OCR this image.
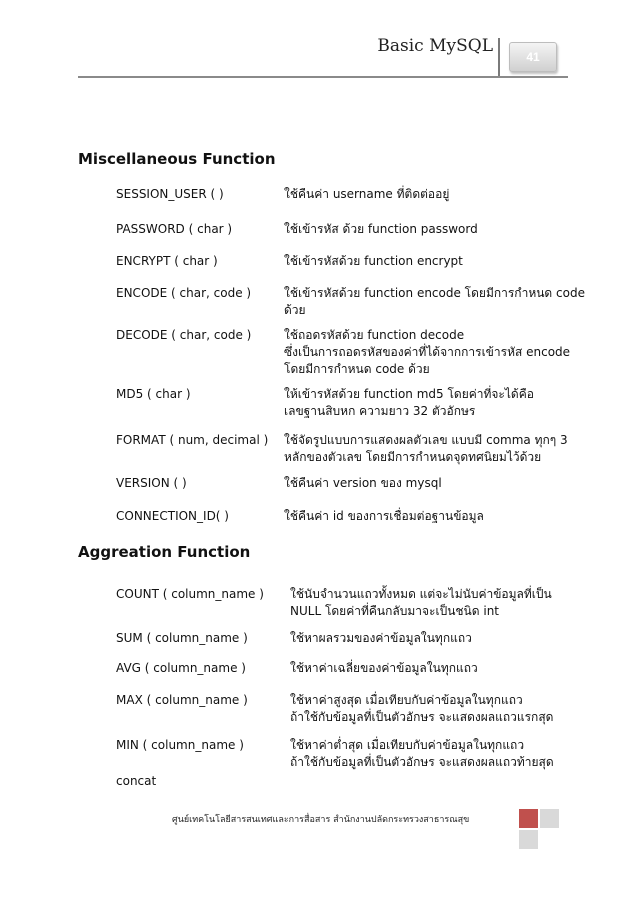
Basic MySQL
41
Miscellaneous Function
SESSION_USER ( )	ใช้คืนค่า username ที่ติดต่ออยู่
PASSWORD ( char )	ใช้เข้ารหัส ด้วย function password
ENCRYPT ( char )	ใช้เข้ารหัสด้วย function encrypt
ENCODE ( char, code )	ใช้เข้ารหัสด้วย function encode โดยมีการกำหนด code
ด้วย
DECODE ( char, code )	ใช้ถอดรหัสด้วย function decode
ซึ่งเป็นการถอดรหัสของค่าที่ได้จากการเข้ารหัส encode
โดยมีการกำหนด code ด้วย
MD5 ( char )	ให้เข้ารหัสด้วย function md5 โดยค่าที่จะได้คือ
เลขฐานสิบหก ความยาว 32 ตัวอักษร
FORMAT ( num, decimal ) ใช้จัดรูปแบบการแสดงผลตัวเลข แบบมี comma ทุกๆ 3
หลักของตัวเลข โดยมีการกำหนดจุดทศนิยมไว้ด้วย
VERSION ( )	ใช้คืนค่า version ของ mysql
CONNECTION_ID( )	ใช้คืนค่า id ของการเชื่อมต่อฐานข้อมูล
Aggreation Function
COUNT ( column_name ) ใช้นับจำนวนแถวทั้งหมด แต่จะไม่นับค่าข้อมูลที่เป็น
NULL โดยค่าที่คืนกลับมาจะเป็นชนิด int
SUM ( column_name )	ใช้หาผลรวมของค่าข้อมูลในทุกแถว
AVG ( column_name )	ใช้หาค่าเฉลี่ยของค่าข้อมูลในทุกแถว
MAX ( column_name )	ใช้หาค่าสูงสุด เมื่อเทียบกับค่าข้อมูลในทุกแถว
ถ้าใช้กับข้อมูลที่เป็นตัวอักษร จะแสดงผลแถวแรกสุด
MIN ( column_name )	ใช้หาค่าต่ำสุด เมื่อเทียบกับค่าข้อมูลในทุกแถว
ถ้าใช้กับข้อมูลที่เป็นตัวอักษร จะแสดงผลแถวท้ายสุด
concat
ศูนย์เทคโนโลยีสารสนเทศและการสื่อสาร สำนักงานปลัดกระทรวงสาธารณสุข
